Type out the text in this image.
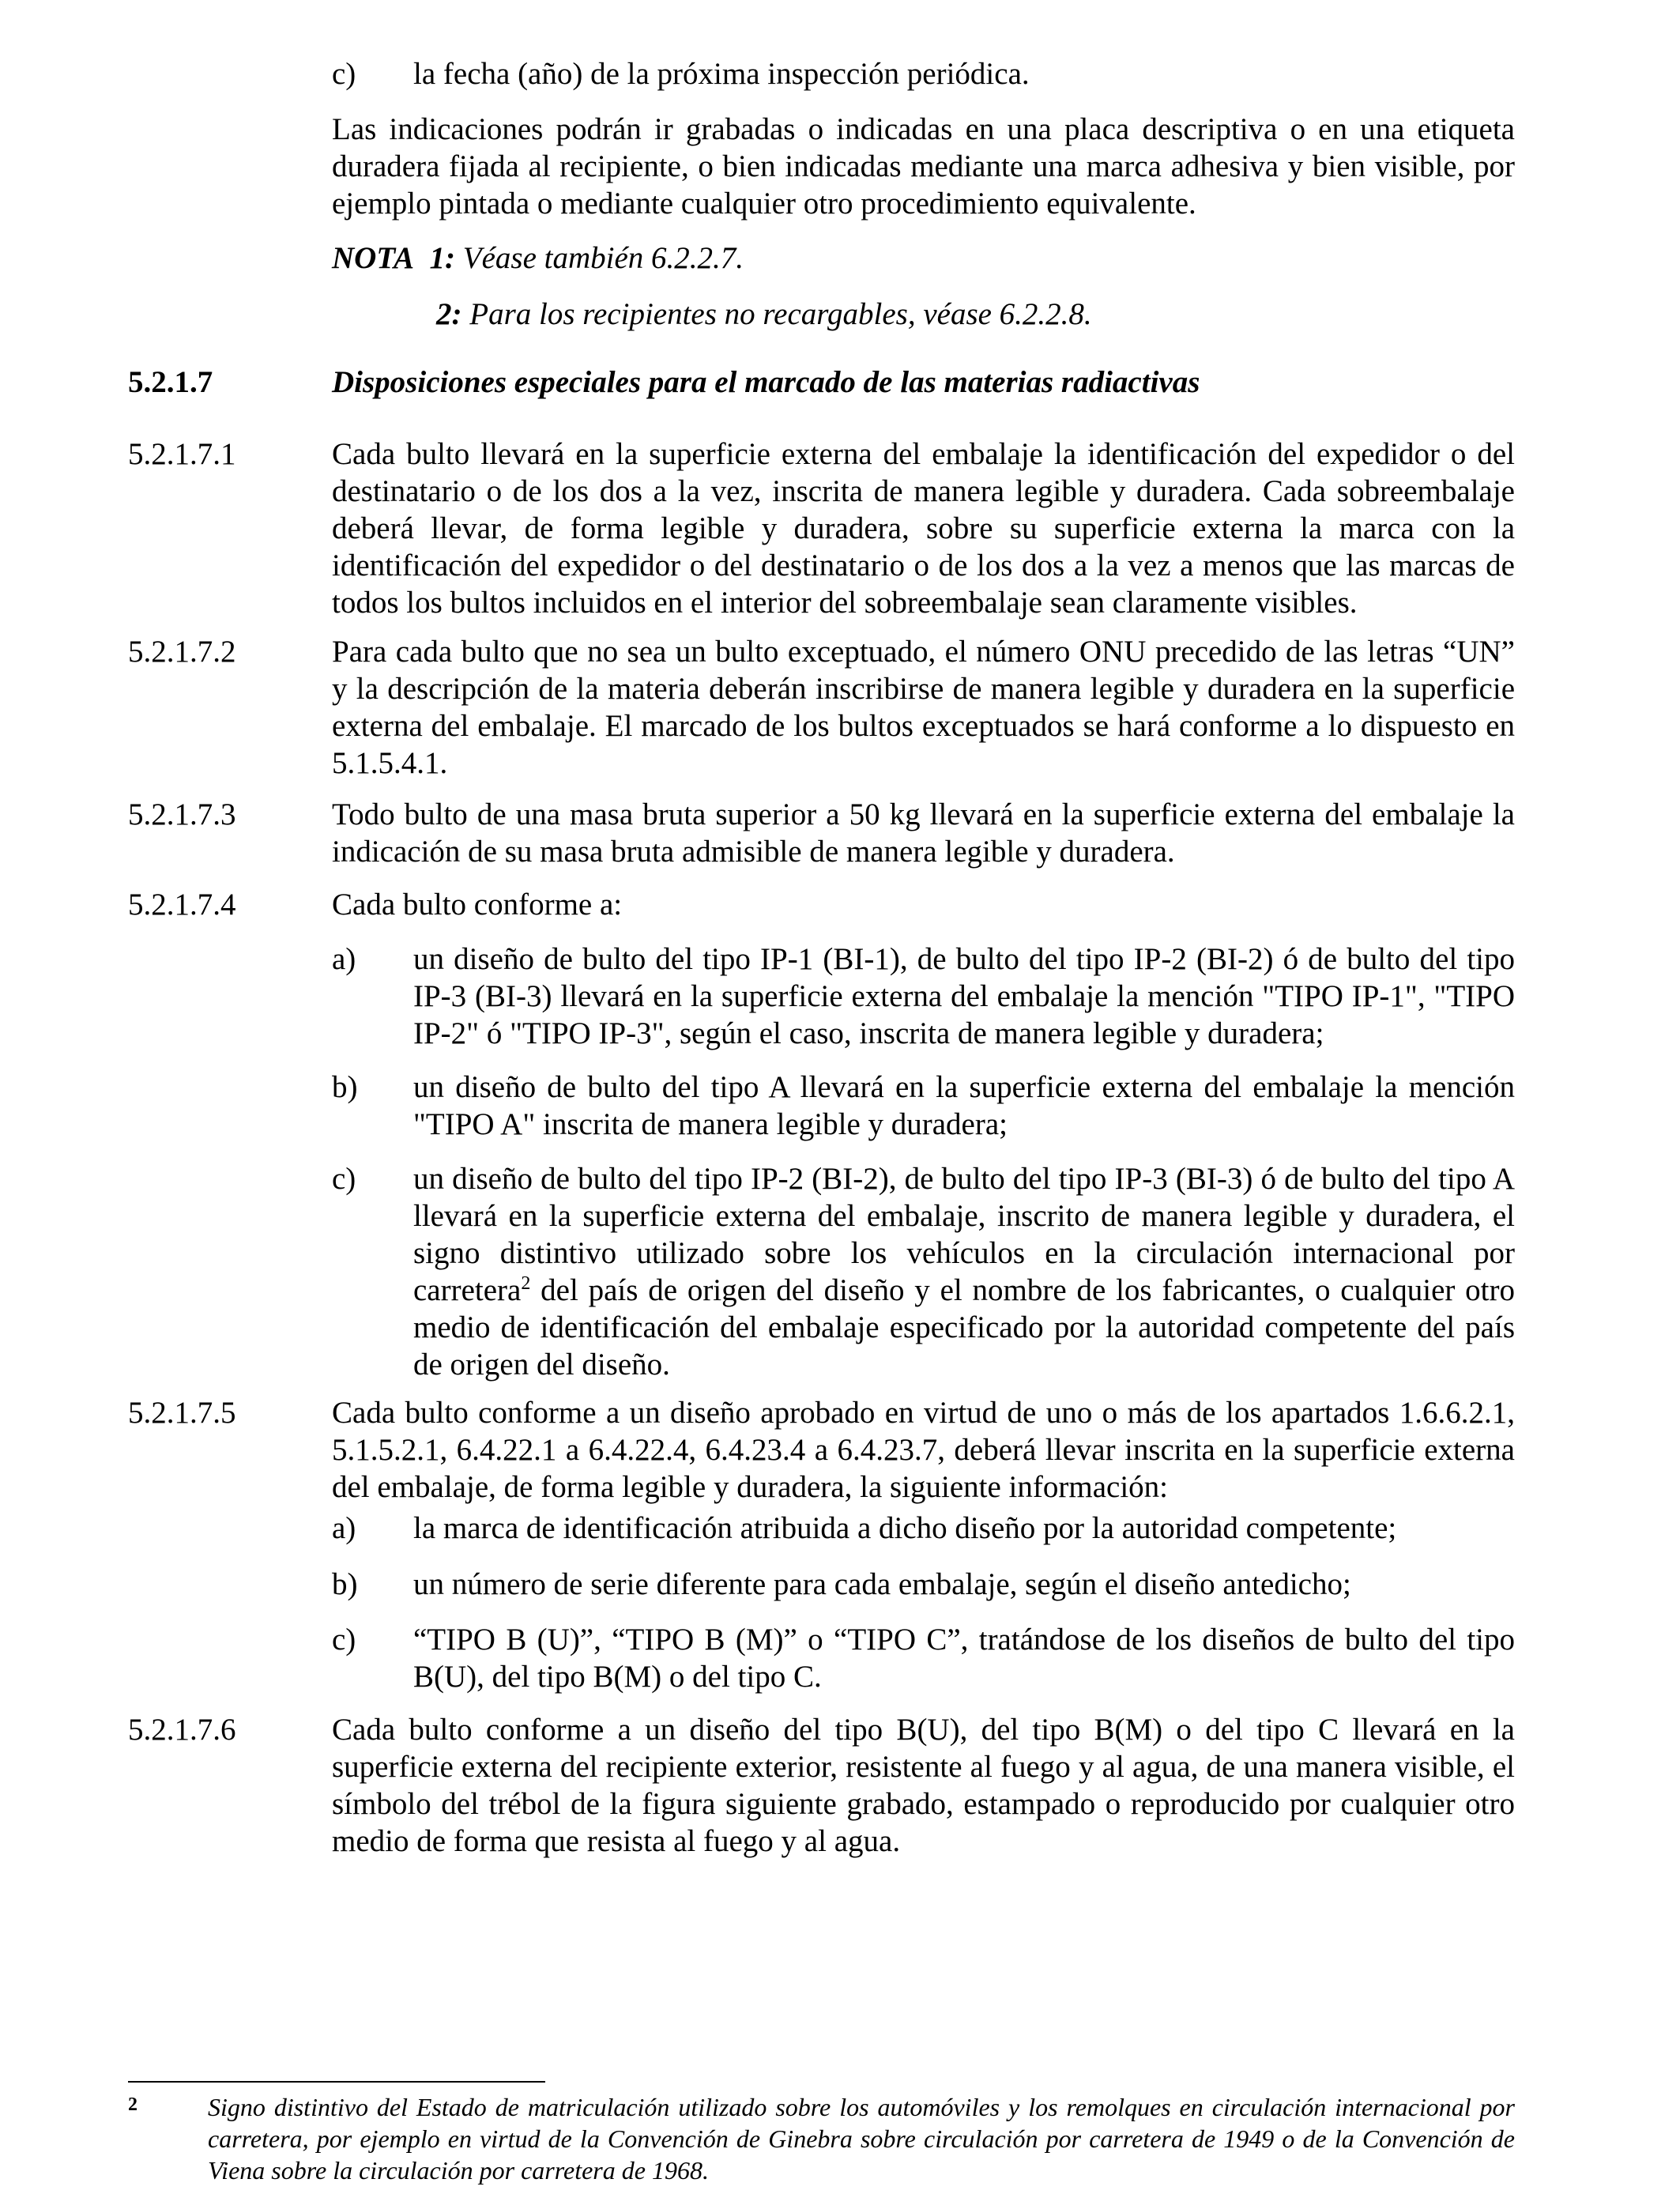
c) la fecha (año) de la próxima inspección periódica.
Las indicaciones podrán ir grabadas o indicadas en una placa descriptiva o en una etiqueta duradera fijada al recipiente, o bien indicadas mediante una marca adhesiva y bien visible, por ejemplo pintada o mediante cualquier otro procedimiento equivalente.
NOTA 1: Véase también 6.2.2.7.
2: Para los recipientes no recargables, véase 6.2.2.8.
5.2.1.7	Disposiciones especiales para el marcado de las materias radiactivas
5.2.1.7.1	Cada bulto llevará en la superficie externa del embalaje la identificación del expedidor o del destinatario o de los dos a la vez, inscrita de manera legible y duradera. Cada sobreembalaje deberá llevar, de forma legible y duradera, sobre su superficie externa la marca con la identificación del expedidor o del destinatario o de los dos a la vez a menos que las marcas de todos los bultos incluidos en el interior del sobreembalaje sean claramente visibles.
5.2.1.7.2	Para cada bulto que no sea un bulto exceptuado, el número ONU precedido de las letras “UN” y la descripción de la materia deberán inscribirse de manera legible y duradera en la superficie externa del embalaje. El marcado de los bultos exceptuados se hará conforme a lo dispuesto en 5.1.5.4.1.
5.2.1.7.3	Todo bulto de una masa bruta superior a 50 kg llevará en la superficie externa del embalaje la indicación de su masa bruta admisible de manera legible y duradera.
5.2.1.7.4	Cada bulto conforme a:
a) un diseño de bulto del tipo IP-1 (BI-1), de bulto del tipo IP-2 (BI-2) ó de bulto del tipo IP-3 (BI-3) llevará en la superficie externa del embalaje la mención "TIPO IP-1", "TIPO IP-2" ó "TIPO IP-3", según el caso, inscrita de manera legible y duradera;
b) un diseño de bulto del tipo A llevará en la superficie externa del embalaje la mención "TIPO A" inscrita de manera legible y duradera;
c) un diseño de bulto del tipo IP-2 (BI-2), de bulto del tipo IP-3 (BI-3) ó de bulto del tipo A llevará en la superficie externa del embalaje, inscrito de manera legible y duradera, el signo distintivo utilizado sobre los vehículos en la circulación internacional por carretera$^2$ del país de origen del diseño y el nombre de los fabricantes, o cualquier otro medio de identificación del embalaje especificado por la autoridad competente del país de origen del diseño.
5.2.1.7.5	Cada bulto conforme a un diseño aprobado en virtud de uno o más de los apartados 1.6.6.2.1, 5.1.5.2.1, 6.4.22.1 a 6.4.22.4, 6.4.23.4 a 6.4.23.7, deberá llevar inscrita en la superficie externa del embalaje, de forma legible y duradera, la siguiente información:
a) la marca de identificación atribuida a dicho diseño por la autoridad competente;
b) un número de serie diferente para cada embalaje, según el diseño antedicho;
c) “TIPO B (U)”, “TIPO B (M)” o “TIPO C”, tratándose de los diseños de bulto del tipo B(U), del tipo B(M) o del tipo C.
5.2.1.7.6	Cada bulto conforme a un diseño del tipo B(U), del tipo B(M) o del tipo C llevará en la superficie externa del recipiente exterior, resistente al fuego y al agua, de una manera visible, el símbolo del trébol de la figura siguiente grabado, estampado o reproducido por cualquier otro medio de forma que resista al fuego y al agua.
2	Signo distintivo del Estado de matriculación utilizado sobre los automóviles y los remolques en circulación internacional por carretera, por ejemplo en virtud de la Convención de Ginebra sobre circulación por carretera de 1949 o de la Convención de Viena sobre la circulación por carretera de 1968.
